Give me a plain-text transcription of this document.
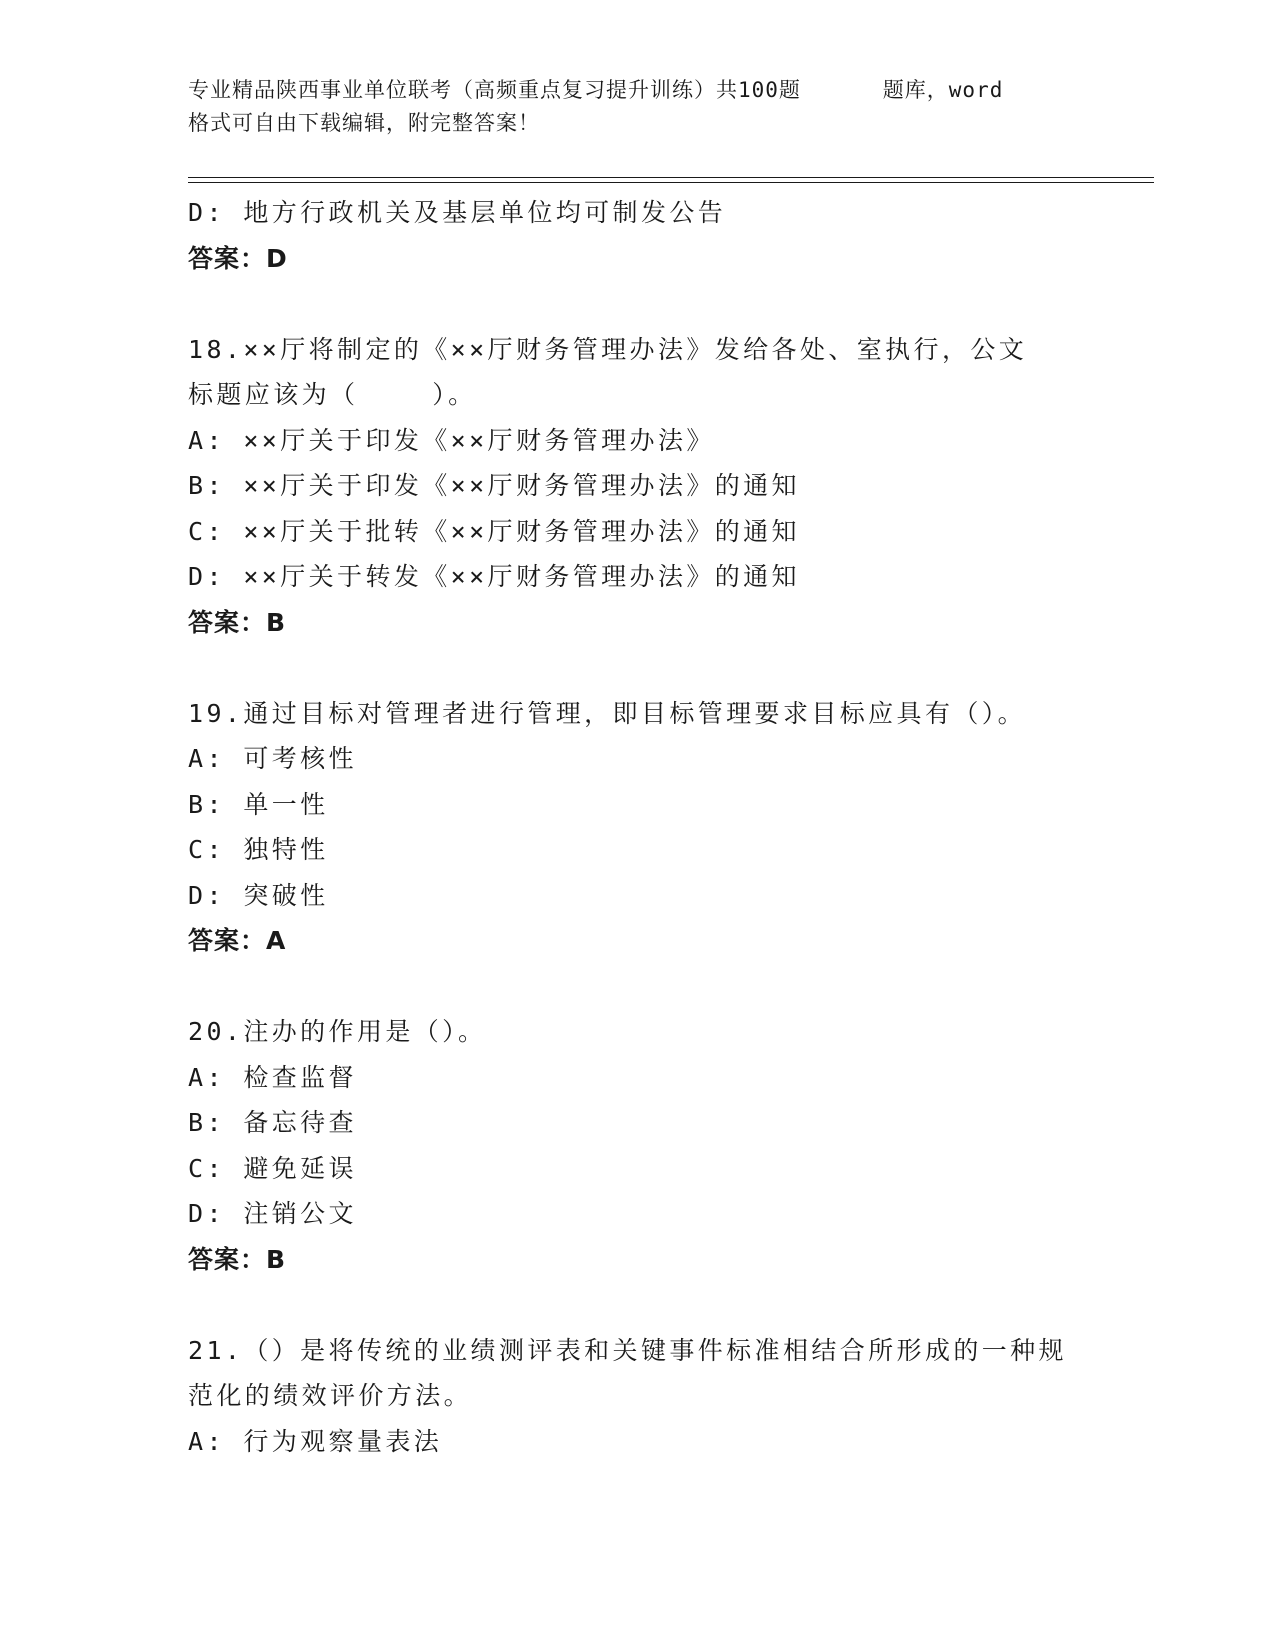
专业精品陕西事业单位联考（高频重点复习提升训练）共100题      题库，word
格式可自由下载编辑，附完整答案！
D: 地方行政机关及基层单位均可制发公告
答案：D
18.××厅将制定的《××厅财务管理办法》发给各处、室执行，公文
标题应该为（    ）。
A: ××厅关于印发《××厅财务管理办法》
B: ××厅关于印发《××厅财务管理办法》的通知
C: ××厅关于批转《××厅财务管理办法》的通知
D: ××厅关于转发《××厅财务管理办法》的通知
答案：B
19.通过目标对管理者进行管理，即目标管理要求目标应具有（）。
A: 可考核性
B: 单一性
C: 独特性
D: 突破性
答案：A
20.注办的作用是（）。
A: 检查监督
B: 备忘待查
C: 避免延误
D: 注销公文
答案：B
21.（）是将传统的业绩测评表和关键事件标准相结合所形成的一种规
范化的绩效评价方法。
A: 行为观察量表法
